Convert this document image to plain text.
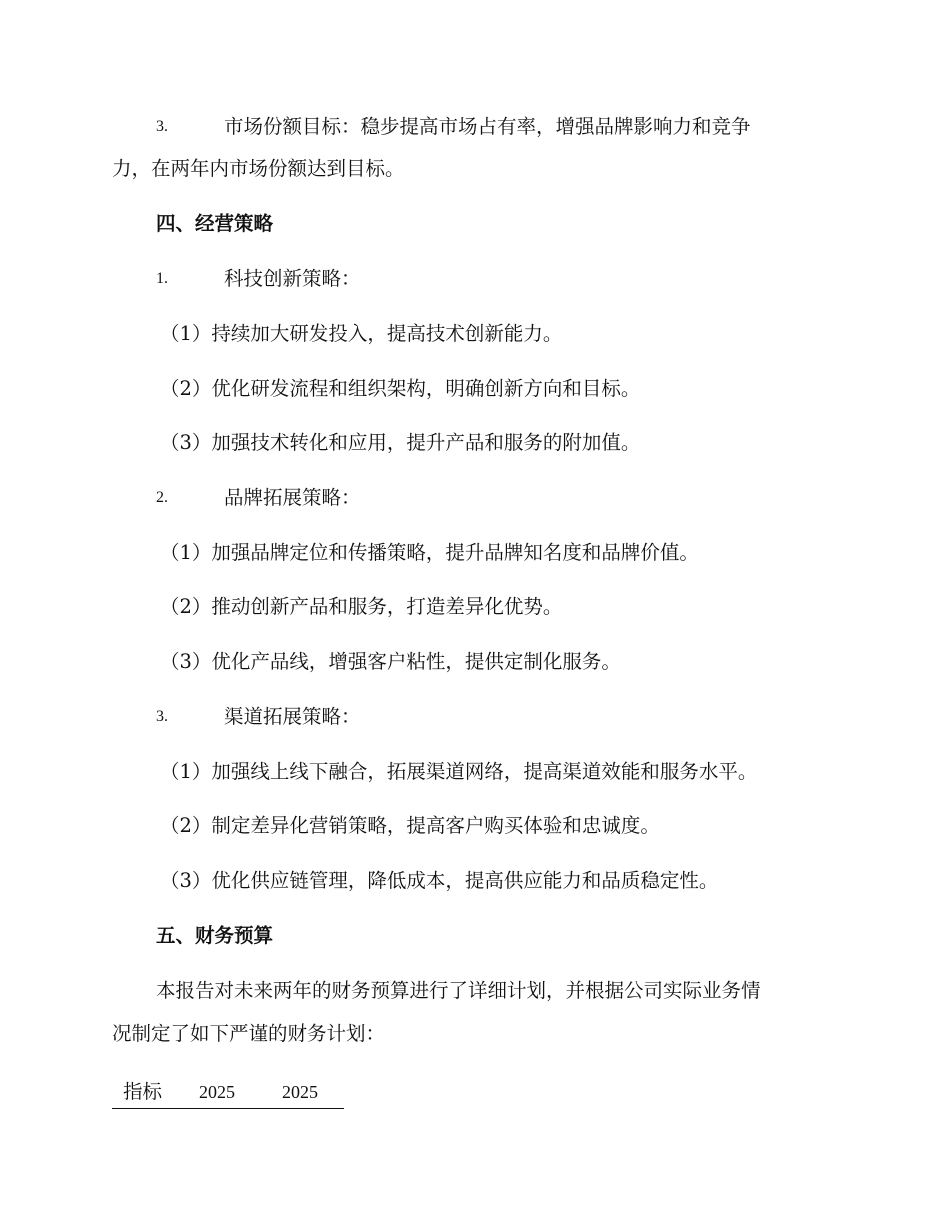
3.	市场份额目标：稳步提高市场占有率，增强品牌影响力和竞争
力，在两年内市场份额达到目标。
四、经营策略
1.	科技创新策略：
（1）持续加大研发投入，提高技术创新能力。
（2）优化研发流程和组织架构，明确创新方向和目标。
（3）加强技术转化和应用，提升产品和服务的附加值。
2.	品牌拓展策略：
（1）加强品牌定位和传播策略，提升品牌知名度和品牌价值。
（2）推动创新产品和服务，打造差异化优势。
（3）优化产品线，增强客户粘性，提供定制化服务。
3.	渠道拓展策略：
（1）加强线上线下融合，拓展渠道网络，提高渠道效能和服务水平。
（2）制定差异化营销策略，提高客户购买体验和忠诚度。
（3）优化供应链管理，降低成本，提高供应能力和品质稳定性。
五、财务预算
本报告对未来两年的财务预算进行了详细计划，并根据公司实际业务情
况制定了如下严谨的财务计划：
指标 2025	2025
